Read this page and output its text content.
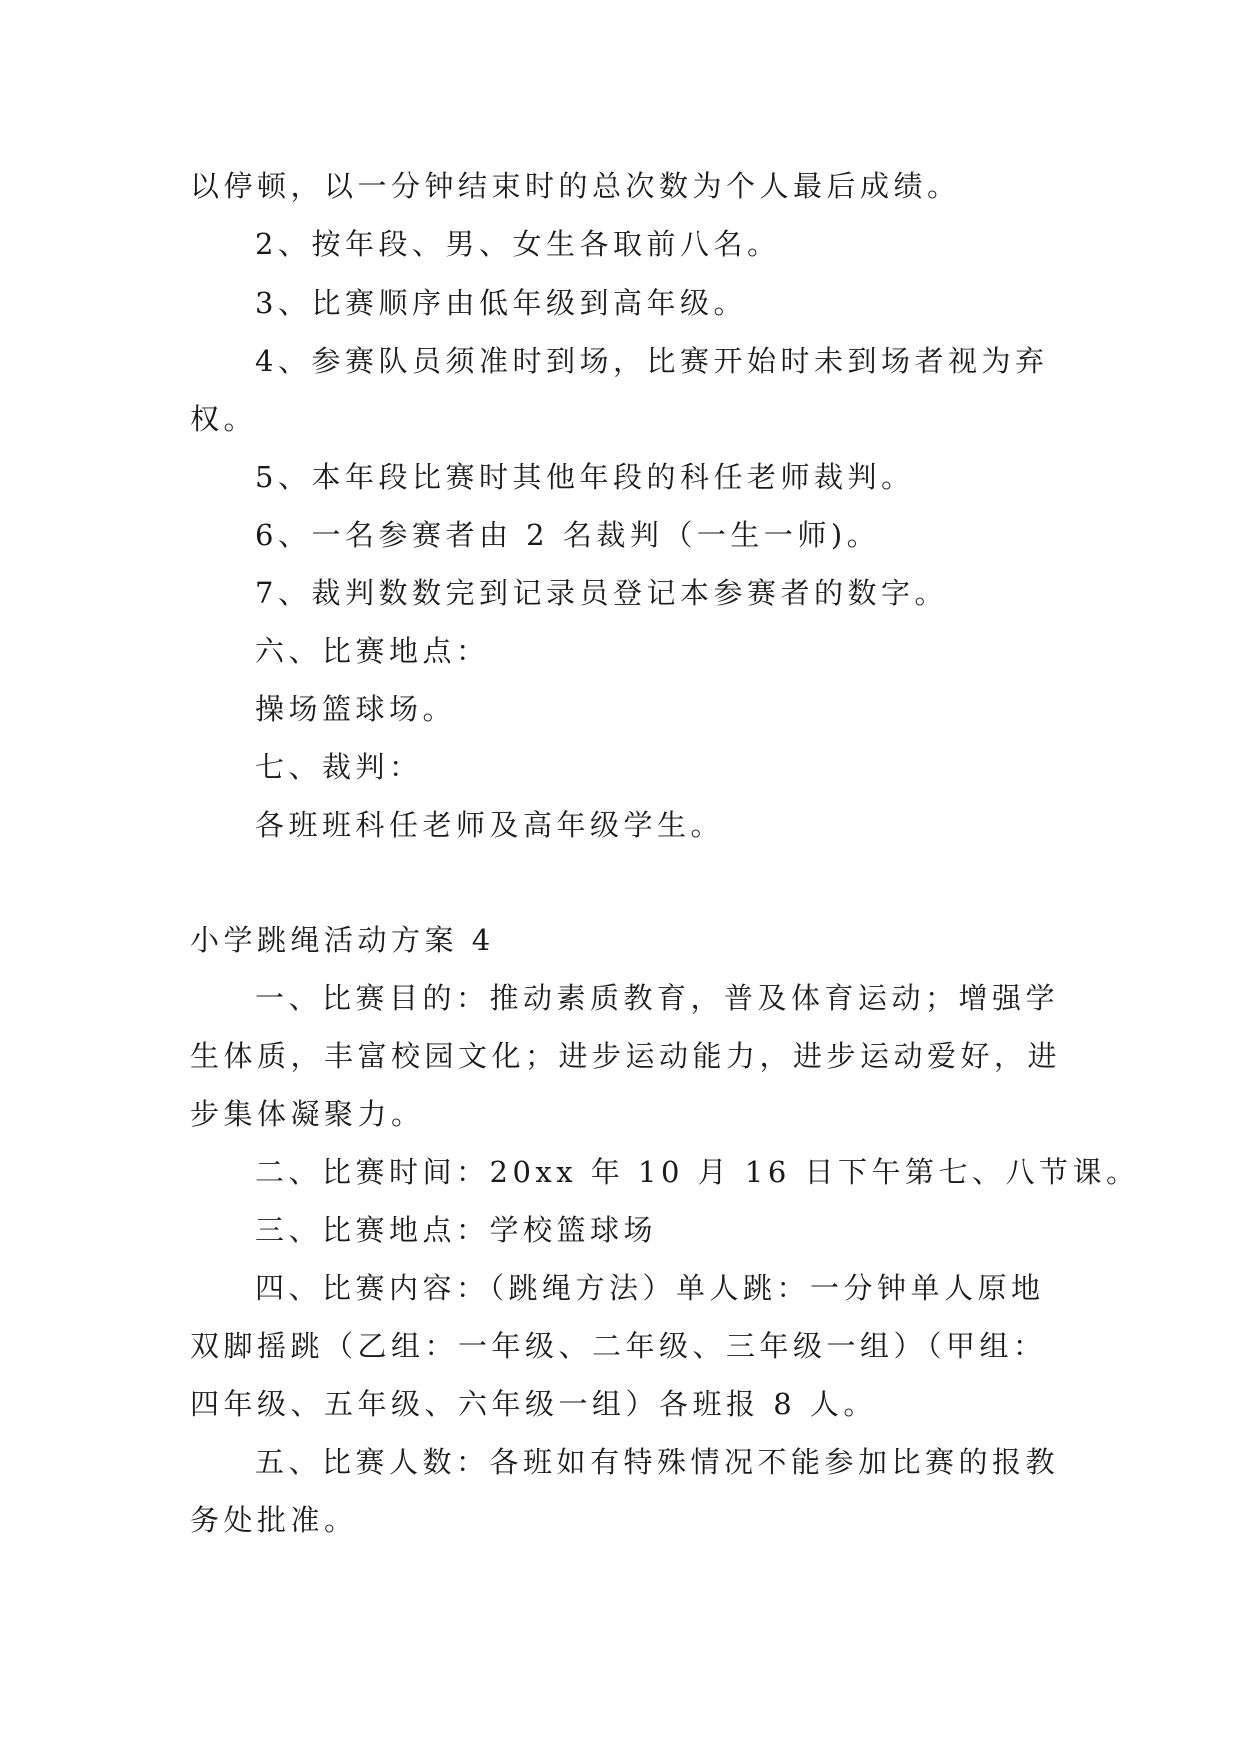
以停顿，以一分钟结束时的总次数为个人最后成绩。
2、按年段、男、女生各取前八名。
3、比赛顺序由低年级到高年级。
4、参赛队员须准时到场，比赛开始时未到场者视为弃
权。
5、本年段比赛时其他年段的科任老师裁判。
6、一名参赛者由 2 名裁判（一生一师)。
7、裁判数数完到记录员登记本参赛者的数字。
六、比赛地点：
操场篮球场。
七、裁判：
各班班科任老师及高年级学生。
小学跳绳活动方案 4
一、比赛目的：推动素质教育，普及体育运动；增强学
生体质，丰富校园文化；进步运动能力，进步运动爱好，进
步集体凝聚力。
二、比赛时间：20xx 年 10 月 16 日下午第七、八节课。
三、比赛地点：学校篮球场
四、比赛内容：（跳绳方法）单人跳：一分钟单人原地
双脚摇跳（乙组：一年级、二年级、三年级一组）（甲组：
四年级、五年级、六年级一组）各班报 8 人。
五、比赛人数：各班如有特殊情况不能参加比赛的报教
务处批准。
